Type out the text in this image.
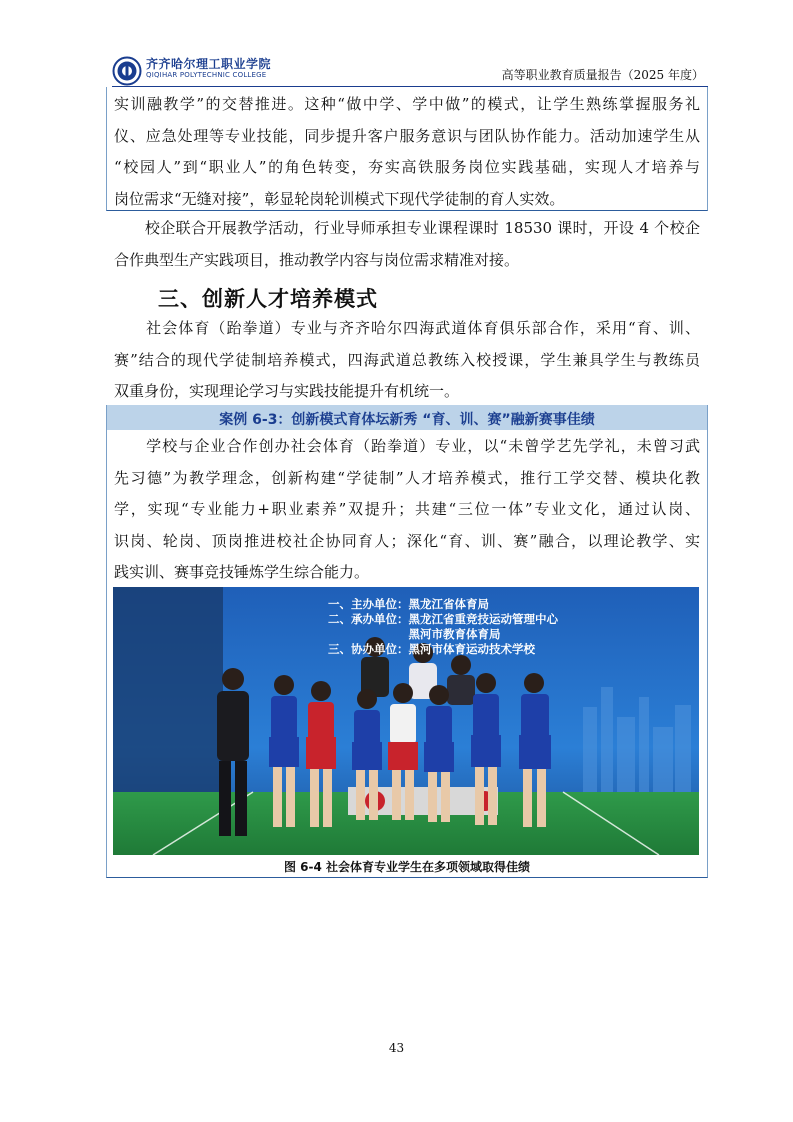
齐齐哈尔理工职业学院
QIQIHAR POLYTECHNIC COLLEGE	高等职业教育质量报告（2025 年度）
实训融教学”的交替推进。这种“做中学、学中做”的模式，让学生熟练掌握服务礼
仪、应急处理等专业技能，同步提升客户服务意识与团队协作能力。活动加速学生从
“校园人”到“职业人”的角色转变，夯实高铁服务岗位实践基础，实现人才培养与
岗位需求“无缝对接”，彰显轮岗轮训模式下现代学徒制的育人实效。
　　校企联合开展教学活动，行业导师承担专业课程课时 18530 课时，开设 4 个校企
合作典型生产实践项目，推动教学内容与岗位需求精准对接。
三、创新人才培养模式
　　社会体育（跆拳道）专业与齐齐哈尔四海武道体育俱乐部合作，采用“育、训、
赛”结合的现代学徒制培养模式，四海武道总教练入校授课，学生兼具学生与教练员
双重身份，实现理论学习与实践技能提升有机统一。
案例 6-3：创新模式育体坛新秀 “育、训、赛”融新赛事佳绩
　　学校与企业合作创办社会体育（跆拳道）专业，以“未曾学艺先学礼，未曾习武
先习德”为教学理念，创新构建“学徒制”人才培养模式，推行工学交替、模块化教
学，实现“专业能力+职业素养”双提升；共建“三位一体”专业文化，通过认岗、
识岗、轮岗、顶岗推进校社企协同育人；深化“育、训、赛”融合，以理论教学、实
践实训、赛事竞技锤炼学生综合能力。
一、主办单位：黑龙江省体育局
二、承办单位：黑龙江省重竞技运动管理中心
　　　　　　　黑河市教育体育局
三、协办单位：黑河市体育运动技术学校
图 6-4 社会体育专业学生在多项领域取得佳绩
43
